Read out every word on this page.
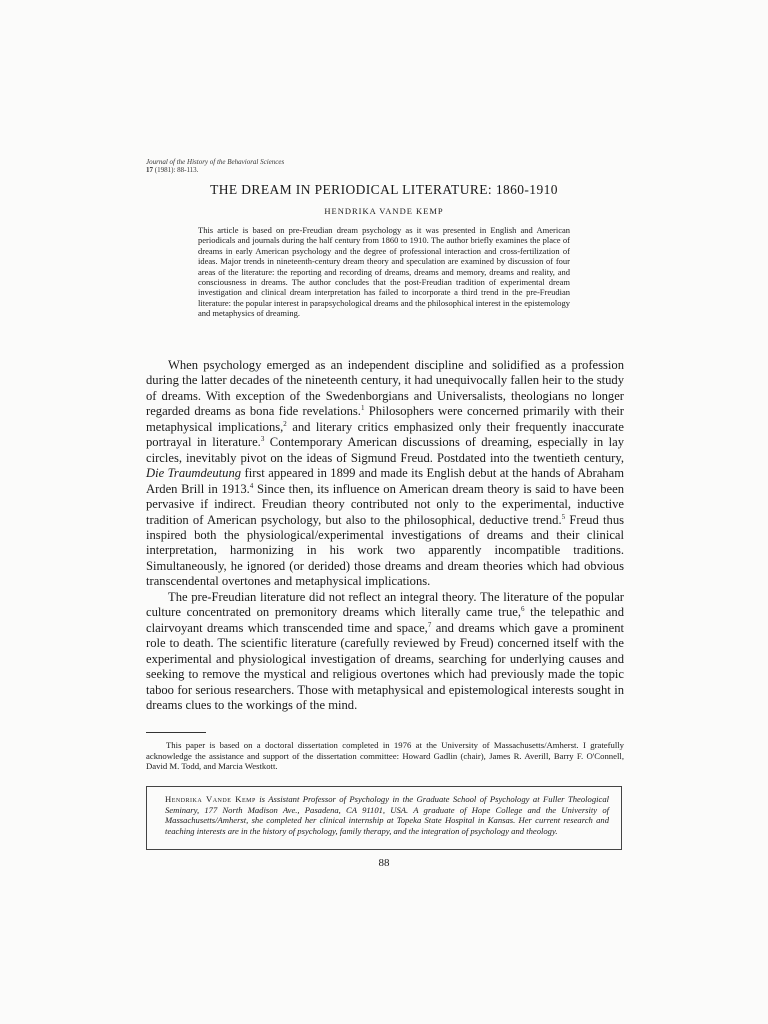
Journal of the History of the Behavioral Sciences
17 (1981): 88-113.
THE DREAM IN PERIODICAL LITERATURE: 1860-1910
HENDRIKA VANDE KEMP
This article is based on pre-Freudian dream psychology as it was presented in English and American periodicals and journals during the half century from 1860 to 1910. The author briefly examines the place of dreams in early American psychology and the degree of professional interaction and cross-fertilization of ideas. Major trends in nineteenth-century dream theory and speculation are examined by discussion of four areas of the literature: the reporting and recording of dreams, dreams and memory, dreams and reality, and consciousness in dreams. The author concludes that the post-Freudian tradition of experimental dream investigation and clinical dream interpretation has failed to incorporate a third trend in the pre-Freudian literature: the popular interest in parapsychological dreams and the philosophical interest in the epistemology and metaphysics of dreaming.

When psychology emerged as an independent discipline and solidified as a profession during the latter decades of the nineteenth century, it had unequivocally fallen heir to the study of dreams. With exception of the Swedenborgians and Universalists, theologians no longer regarded dreams as bona fide revelations.$^1$ Philosophers were concerned primarily with their metaphysical implications,$^2$ and literary critics emphasized only their frequently inaccurate portrayal in literature.$^3$ Contemporary American discussions of dreaming, especially in lay circles, inevitably pivot on the ideas of Sigmund Freud. Postdated into the twentieth century, Die Traumdeutung first appeared in 1899 and made its English debut at the hands of Abraham Arden Brill in 1913.$^4$ Since then, its influence on American dream theory is said to have been pervasive if indirect. Freudian theory contributed not only to the experimental, inductive tradition of American psychology, but also to the philosophical, deductive trend.$^5$ Freud thus inspired both the physiological/experimental investigations of dreams and their clinical interpretation, harmonizing in his work two apparently incompatible traditions. Simultaneously, he ignored (or derided) those dreams and dream theories which had obvious transcendental overtones and metaphysical implications.

The pre-Freudian literature did not reflect an integral theory. The literature of the popular culture concentrated on premonitory dreams which literally came true,$^6$ the telepathic and clairvoyant dreams which transcended time and space,$^7$ and dreams which gave a prominent role to death. The scientific literature (carefully reviewed by Freud) concerned itself with the experimental and physiological investigation of dreams, searching for underlying causes and seeking to remove the mystical and religious overtones which had previously made the topic taboo for serious researchers. Those with metaphysical and epistemological interests sought in dreams clues to the workings of the mind.

This paper is based on a doctoral dissertation completed in 1976 at the University of Massachusetts/Amherst. I gratefully acknowledge the assistance and support of the dissertation committee: Howard Gadlin (chair), James R. Averill, Barry F. O'Connell, David M. Todd, and Marcia Westkott.

Hendrika Vande Kemp is Assistant Professor of Psychology in the Graduate School of Psychology at Fuller Theological Seminary, 177 North Madison Ave., Pasadena, CA 91101, USA. A graduate of Hope College and the University of Massachusetts/Amherst, she completed her clinical internship at Topeka State Hospital in Kansas. Her current research and teaching interests are in the history of psychology, family therapy, and the integration of psychology and theology.
88
